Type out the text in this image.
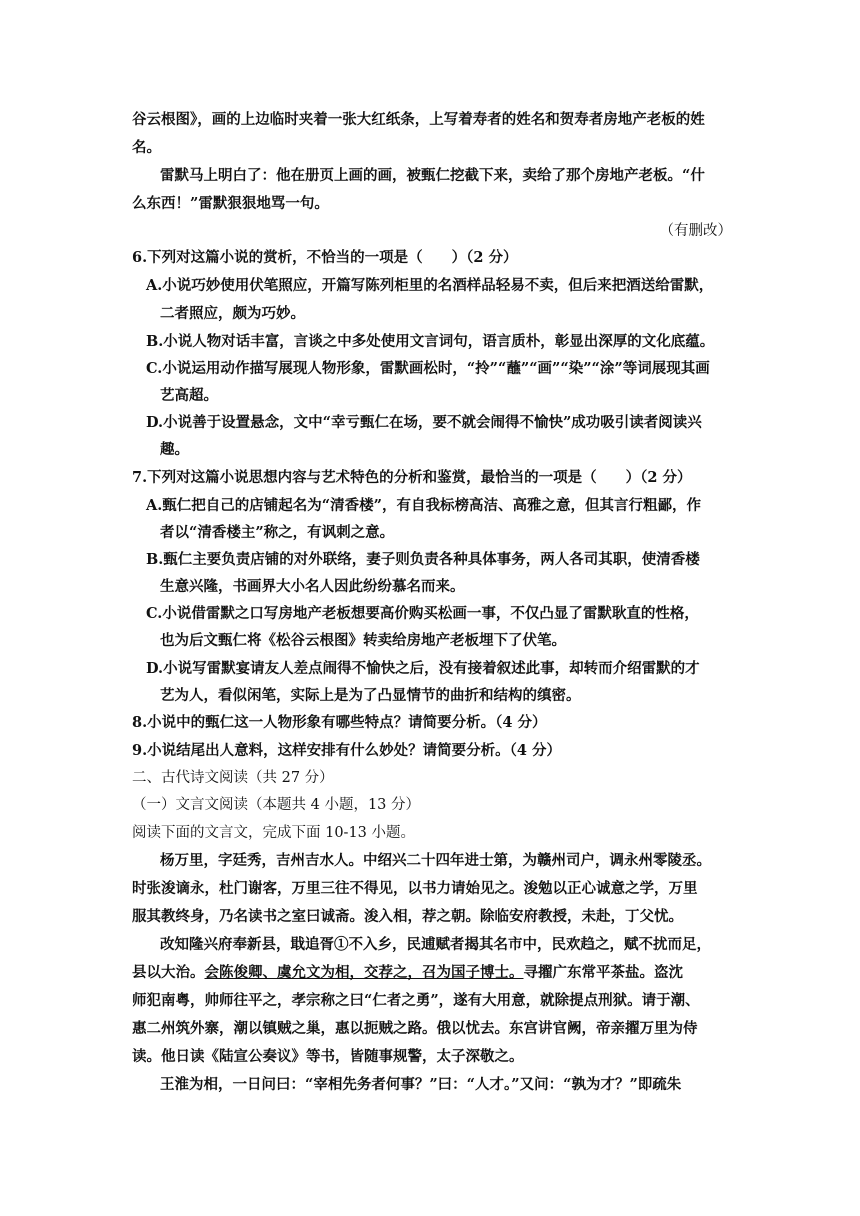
谷云根图》，画的上边临时夹着一张大红纸条，上写着寿者的姓名和贺寿者房地产老板的姓
名。
雷默马上明白了：他在册页上画的画，被甄仁挖截下来，卖给了那个房地产老板。“什
么东西！”雷默狠狠地骂一句。
（有删改）
6.下列对这篇小说的赏析，不恰当的一项是（　　）（2 分）
A.小说巧妙使用伏笔照应，开篇写陈列柜里的名酒样品轻易不卖，但后来把酒送给雷默，
二者照应，颇为巧妙。
B.小说人物对话丰富，言谈之中多处使用文言词句，语言质朴，彰显出深厚的文化底蕴。
C.小说运用动作描写展现人物形象，雷默画松时，“拎”“蘸”“画”“染”“涂”等词展现其画
艺高超。
D.小说善于设置悬念，文中“幸亏甄仁在场，要不就会闹得不愉快”成功吸引读者阅读兴
趣。
7.下列对这篇小说思想内容与艺术特色的分析和鉴赏，最恰当的一项是（　　）（2 分）
A.甄仁把自己的店铺起名为“清香楼”，有自我标榜高洁、高雅之意，但其言行粗鄙，作
者以“清香楼主”称之，有讽刺之意。
B.甄仁主要负责店铺的对外联络，妻子则负责各种具体事务，两人各司其职，使清香楼
生意兴隆，书画界大小名人因此纷纷慕名而来。
C.小说借雷默之口写房地产老板想要高价购买松画一事，不仅凸显了雷默耿直的性格，
也为后文甄仁将《松谷云根图》转卖给房地产老板埋下了伏笔。
D.小说写雷默宴请友人差点闹得不愉快之后，没有接着叙述此事，却转而介绍雷默的才
艺为人，看似闲笔，实际上是为了凸显情节的曲折和结构的缜密。
8.小说中的甄仁这一人物形象有哪些特点？请简要分析。（4 分）
9.小说结尾出人意料，这样安排有什么妙处？请简要分析。（4 分）
二、古代诗文阅读（共 27 分）
（一）文言文阅读（本题共 4 小题，13 分）
阅读下面的文言文，完成下面 10-13 小题。
杨万里，字廷秀，吉州吉水人。中绍兴二十四年进士第，为赣州司户，调永州零陵丞。
时张浚谪永，杜门谢客，万里三往不得见，以书力请始见之。浚勉以正心诚意之学，万里
服其教终身，乃名读书之室曰诚斋。浚入相，荐之朝。除临安府教授，未赴，丁父忧。
改知隆兴府奉新县，戢追胥①不入乡，民逋赋者揭其名市中，民欢趋之，赋不扰而足，
县以大治。会陈俊卿、虞允文为相，交荐之，召为国子博士。寻擢广东常平茶盐。盗沈
师犯南粤，帅师往平之，孝宗称之曰“仁者之勇”，遂有大用意，就除提点刑狱。请于潮、
惠二州筑外寨，潮以镇贼之巢，惠以扼贼之路。俄以忧去。东宫讲官阙，帝亲擢万里为侍
读。他日读《陆宣公奏议》等书，皆随事规警，太子深敬之。
王淮为相，一日问曰：“宰相先务者何事？”曰：“人才。”又问：“孰为才？”即疏朱
